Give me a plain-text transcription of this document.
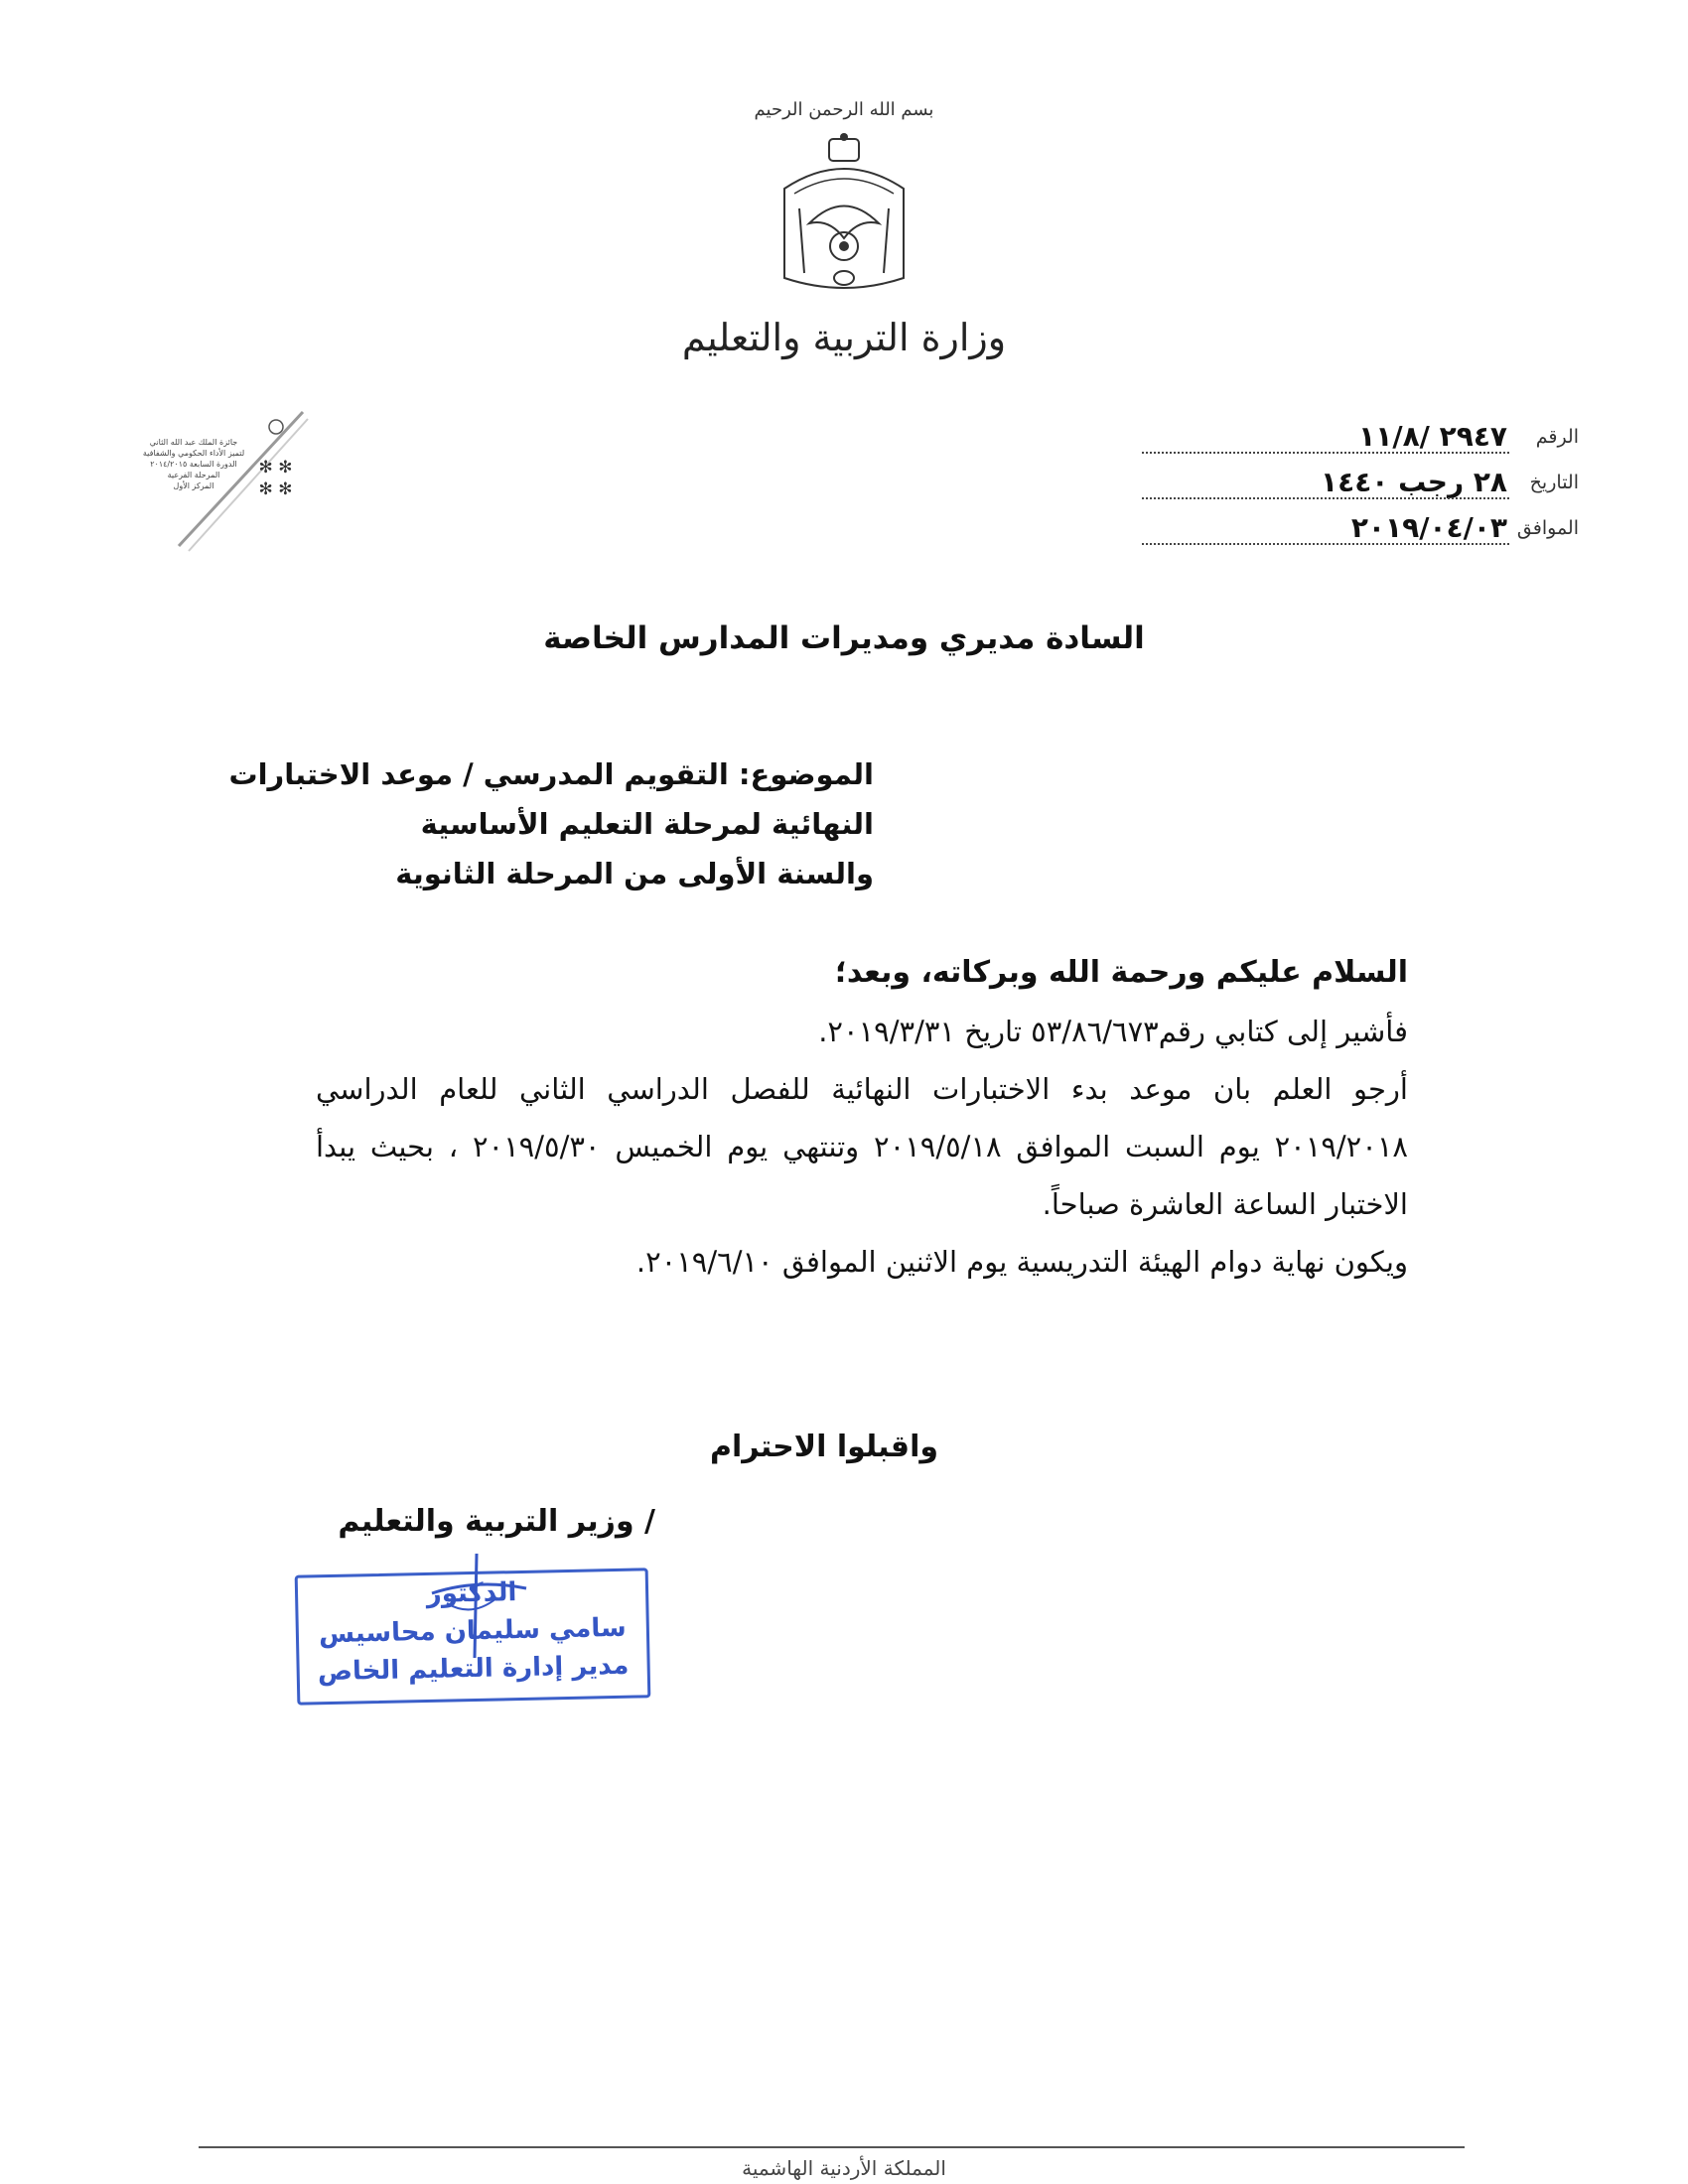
بسم الله الرحمن الرحيم
وزارة التربية والتعليم
جائزة الملك عبد الله الثاني
لتميز الأداء الحكومي والشفافية
الدورة السابعة ٢٠١٤/٢٠١٥
المرحلة الفرعية
المركز الأول
✻ ✻
✻ ✻
الرقم
٢٩٤٧ /١١/٨
التاريخ
٢٨ رجب ١٤٤٠
الموافق
٢٠١٩/٠٤/٠٣
السادة مديري ومديرات المدارس الخاصة
الموضوع: التقويم المدرسي / موعد الاختبارات
النهائية لمرحلة التعليم الأساسية
والسنة الأولى من المرحلة الثانوية
السلام عليكم ورحمة الله وبركاته، وبعد؛
فأشير إلى كتابي رقم٥٣/٨٦/٦٧٣ تاريخ ٢٠١٩/٣/٣١.
أرجو العلم بان موعد بدء الاختبارات النهائية للفصل الدراسي الثاني للعام الدراسي ٢٠١٩/٢٠١٨ يوم السبت الموافق ٢٠١٩/٥/١٨ وتنتهي يوم الخميس ٢٠١٩/٥/٣٠ ، بحيث يبدأ الاختبار الساعة العاشرة صباحاً.
ويكون نهاية دوام الهيئة التدريسية يوم الاثنين الموافق ٢٠١٩/٦/١٠.
واقبلوا الاحترام
/ وزير التربية والتعليم
الدكتور
سامي سليمان محاسيس
مدير إدارة التعليم الخاص
المملكة الأردنية الهاشمية
